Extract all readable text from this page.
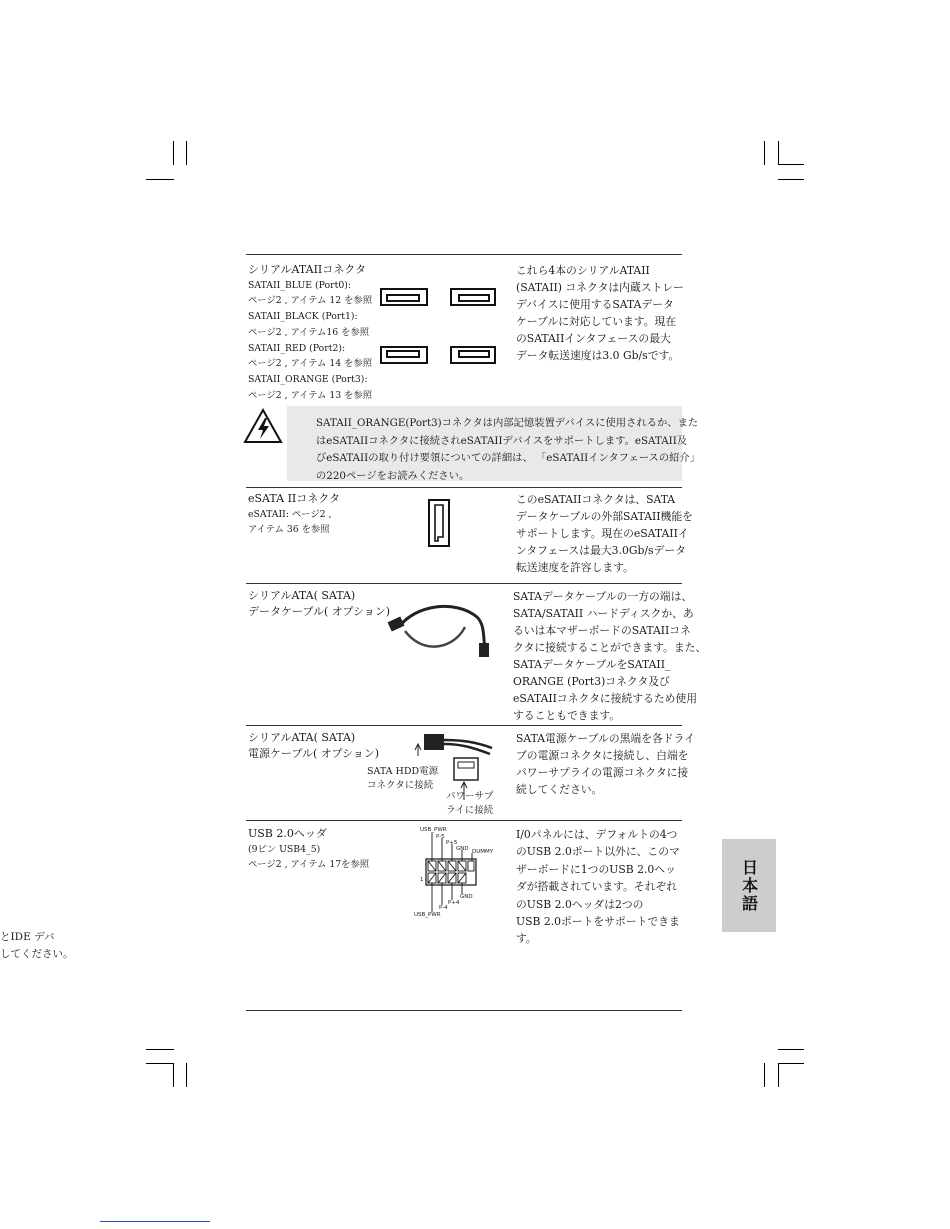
とIDE デバ
してください。
シリアルATAIIコネクタ
SATAII_BLUE (Port0):
ページ2 , アイテム 12 を参照
SATAII_BLACK (Port1):
ページ2 , アイテム16 を参照
SATAII_RED (Port2):
ページ2 , アイテム 14 を参照
SATAII_ORANGE (Port3):
ページ2 , アイテム 13 を参照
これら4本のシリアルATAII
(SATAII) コネクタは内蔵ストレー
デバイスに使用するSATAデータ
ケーブルに対応しています。現在
のSATAIIインタフェースの最大
データ転送速度は3.0 Gb/sです。
SATAII_ORANGE(Port3)コネクタは内部記憶装置デバイスに使用されるか、また
はeSATAIIコネクタに接続されeSATAIIデバイスをサポートします。eSATAII及
びeSATAIIの取り付け要領についての詳細は、 「eSATAIIインタフェースの紹介」
の220ページをお読みください。
eSATA IIコネクタ
eSATAII: ページ2 ,
アイテム 36 を参照
このeSATAIIコネクタは、SATA
データケーブルの外部SATAII機能を
サポートします。現在のeSATAIIイ
ンタフェースは最大3.0Gb/sデータ
転送速度を許容します。
シリアルATA( SATA)
データケーブル( オプション)
SATAデータケーブルの一方の端は、
SATA/SATAII ハードディスクか、あ
るいは本マザーボードのSATAIIコネ
クタに接続することができます。また、
SATAデータケーブルをSATAII_
ORANGE (Port3)コネクタ及び
eSATAIIコネクタに接続するため使用
することもできます。
シリアルATA( SATA)
電源ケーブル( オプション)
SATA HDD電源
コネクタに接続
パワーサプ
ライに接続
SATA電源ケーブルの黒端を各ドライ
ブの電源コネクタに接続し、白端を
パワーサプライの電源コネクタに接
続してください。
USB 2.0ヘッダ
(9ピン USB4_5)
ページ2 , アイテム 17を参照
USB_PWR
P-5
P+5
GND DUMMY
GND
P+4
P-4
USB_PWR
1
I/0パネルには、デフォルトの4つ
のUSB 2.0ポート以外に、このマ
ザーボードに1つのUSB 2.0ヘッ
ダが搭載されています。それぞれ
のUSB 2.0ヘッダは2つの
USB 2.0ポートをサポートできま
す。
日本語
